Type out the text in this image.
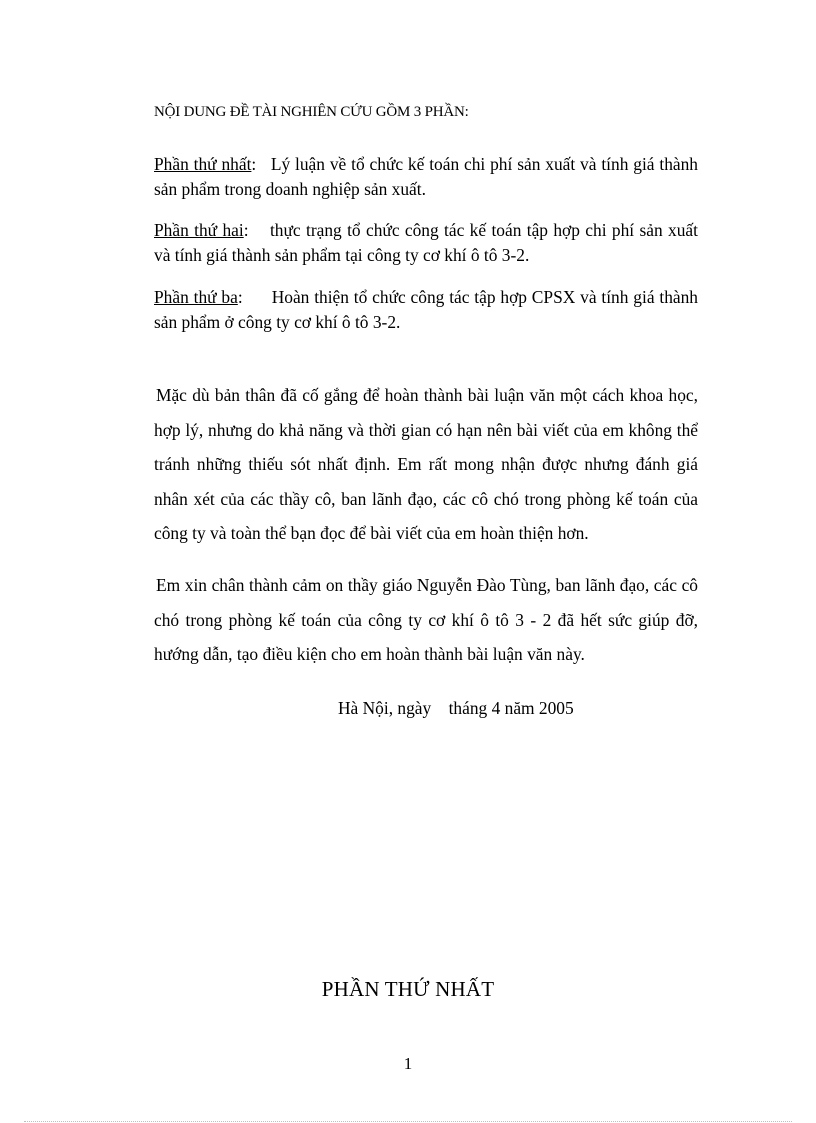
NỘI DUNG ĐỀ TÀI NGHIÊN CỨU GỒM 3 PHẦN:
Phần thứ nhất:   Lý luận về tổ chức kế toán chi phí sản xuất và tính giá thành sản phẩm trong doanh nghiệp sản xuất.
Phần thứ hai:    thực trạng tổ chức công tác kế toán tập hợp chi phí sản xuất và tính giá thành sản phẩm tại công ty cơ khí ô tô 3-2.
Phần thứ ba:      Hoàn thiện tổ chức công tác tập hợp CPSX và tính giá thành sản phẩm ở công ty cơ khí ô tô 3-2.

Mặc dù bản thân đã cố gắng để hoàn thành bài luận văn một cách khoa học, hợp lý, nhưng do khả năng và thời gian có hạn nên bài viết của em không thể tránh những thiếu sót nhất định. Em rất mong nhận được nhưng đánh giá nhân xét của các thầy cô, ban lãnh đạo, các cô chó trong phòng kế toán của công ty và toàn thể bạn đọc để bài viết của em hoàn thiện hơn.

Em xin chân thành cảm on thầy giáo Nguyễn Đào Tùng, ban lãnh đạo, các cô chó trong phòng kế toán của công ty cơ khí ô tô 3 - 2 đã hết sức giúp đỡ, hướng dẫn, tạo điều kiện cho em hoàn thành bài luận văn này.

Hà Nội, ngày    tháng 4 năm 2005
PHẦN THỨ NHẤT
1
